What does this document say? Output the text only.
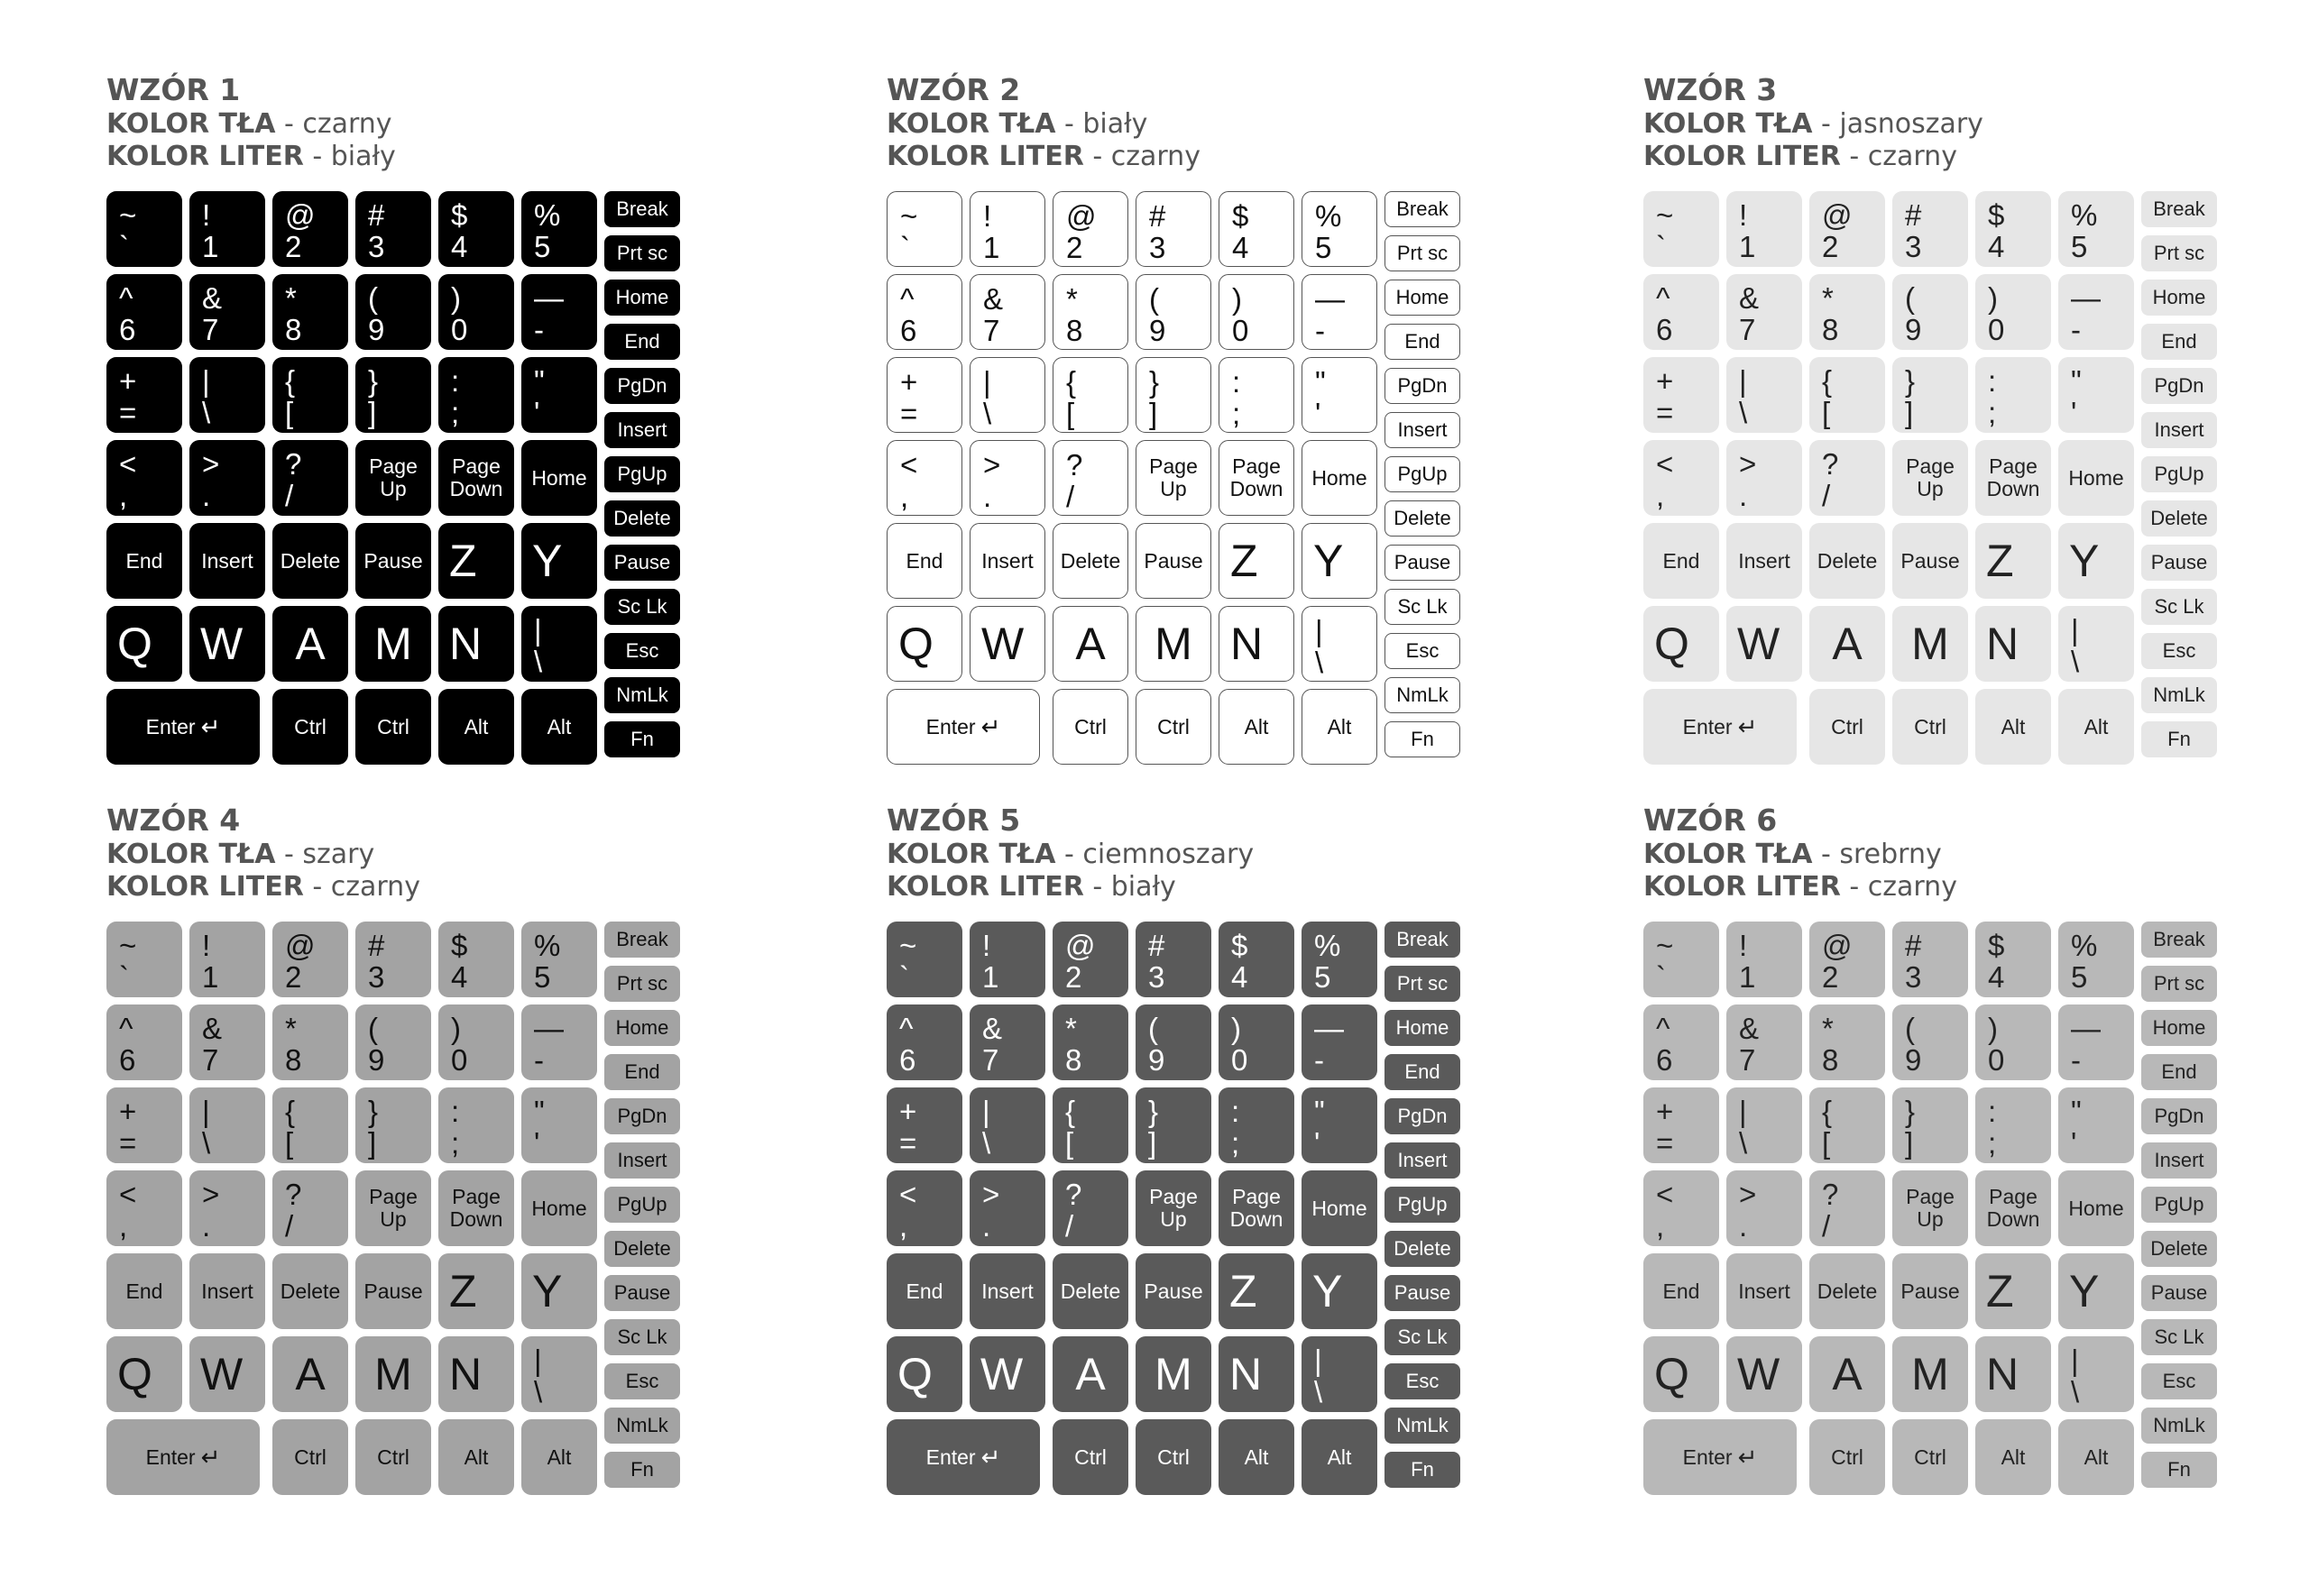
WZÓR 1
KOLOR TŁA - czarny
KOLOR LITER - biały
~
`
!
1
@
2
#
3
$
4
%
5
^
6
&
7
*
8
(
9
)
0
—
-
+
=
|
\
{
[
}
]
:
;
"
'
<
,
>
.
?
/
Page
Up
Page
Down Home
End Insert Delete Pause Z Y
Q W A M N |
\
Enter ↵	Ctrl Ctrl	Alt	Alt
Break
Prt sc
Home
End
PgDn
Insert
PgUp
Delete
Pause
Sc Lk
Esc
NmLk
Fn
WZÓR 2
KOLOR TŁA - biały
KOLOR LITER - czarny
~
`
!
1
@
2
#
3
$
4
%
5
^
6
&
7
*
8
(
9
)
0
—
-
+
=
|
\
{
[
}
]
:
;
"
'
<
,
>
.
?
/
Page
Up
Page
Down Home
End Insert Delete Pause Z Y
Q W A M N |
\
Enter ↵	Ctrl Ctrl	Alt	Alt
Break
Prt sc
Home
End
PgDn
Insert
PgUp
Delete
Pause
Sc Lk
Esc
NmLk
Fn
WZÓR 3
KOLOR TŁA - jasnoszary
KOLOR LITER - czarny
~
`
!
1
@
2
#
3
$
4
%
5
^
6
&
7
*
8
(
9
)
0
—
-
+
=
|
\
{
[
}
]
:
;
"
'
<
,
>
.
?
/
Page
Up
Page
Down Home
End Insert Delete Pause Z Y
Q W A M N |
\
Enter ↵	Ctrl Ctrl	Alt	Alt
Break
Prt sc
Home
End
PgDn
Insert
PgUp
Delete
Pause
Sc Lk
Esc
NmLk
Fn
WZÓR 4
KOLOR TŁA - szary
KOLOR LITER - czarny
~
`
!
1
@
2
#
3
$
4
%
5
^
6
&
7
*
8
(
9
)
0
—
-
+
=
|
\
{
[
}
]
:
;
"
'
<
,
>
.
?
/
Page
Up
Page
Down Home
End Insert Delete Pause Z Y
Q W A M N |
\
Enter ↵	Ctrl Ctrl	Alt	Alt
Break
Prt sc
Home
End
PgDn
Insert
PgUp
Delete
Pause
Sc Lk
Esc
NmLk
Fn
WZÓR 5
KOLOR TŁA - ciemnoszary
KOLOR LITER - biały
~
`
!
1
@
2
#
3
$
4
%
5
^
6
&
7
*
8
(
9
)
0
—
-
+
=
|
\
{
[
}
]
:
;
"
'
<
,
>
.
?
/
Page
Up
Page
Down Home
End Insert Delete Pause Z Y
Q W A M N |
\
Enter ↵	Ctrl Ctrl	Alt	Alt
Break
Prt sc
Home
End
PgDn
Insert
PgUp
Delete
Pause
Sc Lk
Esc
NmLk
Fn
WZÓR 6
KOLOR TŁA - srebrny
KOLOR LITER - czarny
~
`
!
1
@
2
#
3
$
4
%
5
^
6
&
7
*
8
(
9
)
0
—
-
+
=
|
\
{
[
}
]
:
;
"
'
<
,
>
.
?
/
Page
Up
Page
Down Home
End Insert Delete Pause Z Y
Q W A M N |
\
Enter ↵	Ctrl Ctrl	Alt	Alt
Break
Prt sc
Home
End
PgDn
Insert
PgUp
Delete
Pause
Sc Lk
Esc
NmLk
Fn
